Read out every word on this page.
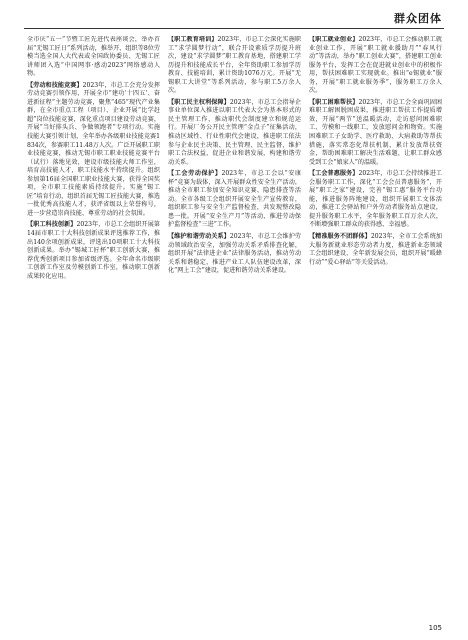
群众团体

全市庆“五一”节暨工匠先进代表座谈会，举办首届“无锡工匠日”系列活动，推举开、组织等8位劳模当选全国人大代表或全国政协委员、无锡工匠讲师团入选“中国网事·感动2023”网络感动人物。

【劳动和技能竞赛】2023年，市总工会充分发挥劳动竞赛引领作用，开展全市“建功‘十四五’、奋进新征程”主题劳动竞赛，聚焦“465”现代产业集群，在全市重点工程（项目）、企业开展“比学赶超”岗位技能竞赛，深化重点项目建设劳动竞赛，开展“当好排头兵、争做领跑者”专项行动。实施技能大赛引领计划，全年举办各级职业技能竞赛1834次，参赛职工11.48万人次。广泛开展职工职业技能竞赛，推动无锡市职工职业技能竞赛平台（试行）落地见效，建设市级技能大师工作室，培育高技能人才，职工技能水平持续提升。组织参加第16届全国职工职业技能大赛，获得全国奖项，全市职工技能素质持续提升。实施“锡工匠”培育行动，组织首届无锡工匠技能大赛，推选一批优秀高技能人才，获评省级以上荣誉称号，进一步营造崇尚技能、尊重劳动的社会氛围。

【职工科技创新】2023年，市总工会组织开展第14届市职工十大科技创新成果评选推荐工作，推出140余项创新成果，评选出10项职工十大科技创新成果。举办“锡城工匠杯”职工创新大赛，推荐优秀创新项目参加省级评选。全年命名市级职工创新工作室及劳模创新工作室，推动职工创新成果转化应用。

【职工教育培训】2023年，市总工会深化实施职工“求学圆梦行动”，联合开设素质学历提升班次，建设“求学圆梦”职工教育基地，搭建职工学历提升和技能成长平台，全年资助职工参加学历教育、技能培训，累计资助1076万元。开展“无锡职工大讲堂”等系列活动，参与职工5万余人次。

【职工民主权利保障】2023年，市总工会指导企事业单位深入推进以职工代表大会为基本形式的民主管理工作，推动职代会制度建立和规范运行。开展厂务公开民主管理“金点子”征集活动，推动区域性、行业性职代会建设，推进职工依法参与企业民主决策、民主管理、民主监督，维护职工合法权益，促进企业和谐发展，构建和谐劳动关系。

【工会劳动保护】2023年，市总工会以“安康杯”竞赛为载体，深入开展群众性安全生产活动，推动全市职工参加安全知识竞赛、隐患排查等活动。全市各级工会组织开展安全生产宣传教育，组织职工参与安全生产监督检查，共发现整改隐患一批。开展“安全生产月”等活动，推进劳动保护监督检查“三进”工作。

【维护和谐劳动关系】2023年，市总工会维护劳动领域政治安全，加强劳动关系矛盾排查化解，组织开展“法律进企业”法律服务活动，推动劳动关系和谐稳定，推进产业工人队伍建设改革，深化“网上工会”建设，促进和谐劳动关系建设。

【职工就业创业】2023年，市总工会推动职工就业创业工作，开展“职工就业援助月”“春风行动”等活动，举办“职工创业大赛”，搭建职工创业服务平台，发挥工会在促进就业创业中的积极作用，帮扶困难职工实现就业。推出“e锡就业”服务，开展“职工就业服务季”，服务职工万余人次。

【职工困难帮扶】2023年，市总工会全面巩固困难职工解困脱困成果，推进职工帮扶工作提质增效，开展“两节”送温暖活动，走访慰问困难职工、劳模和一线职工，发放慰问金和物资。实施困难职工子女助学、医疗救助、大病救助等帮扶措施，落实常态化帮扶机制，累计发放帮扶资金，帮助困难职工解决生活难题，让职工群众感受到工会“娘家人”的温暖。

【工会普惠服务】2023年，市总工会持续推进工会服务职工工作，深化“工会会员普惠服务”，开展“职工之家”建设，完善“锡工惠”服务平台功能，推进服务阵地建设，组织开展职工文体活动，推进工会驿站和户外劳动者服务站点建设，提升服务职工水平，全年服务职工百万余人次，不断增强职工群众的获得感、幸福感。

【精准服务不团群体】2023年，全市工会系统加大服务新就业形态劳动者力度，推进新业态领域工会组织建设，全年新发展会员，组织开展“暖蜂行动”“爱心驿站”等关爱活动。

105
